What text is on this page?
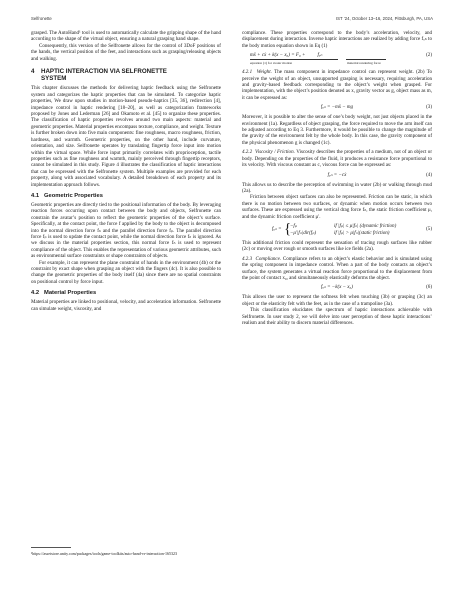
Selfronette	IST ’24, October 13–16, 2024, Pittsburgh, PA, USA

grasped. The AutoHand¹ tool is used to automatically calculate the gripping shape of the hand according to the shape of the virtual object, ensuring a natural grasping hand shape.

Consequently, this version of the Selfronette allows for the control of 3DoF positions of the hands, the vertical position of the feet, and interactions such as grasping/releasing objects and walking.

4 HAPTIC INTERACTION VIA SELFRONETTE
SYSTEM

This chapter discusses the methods for delivering haptic feedback using the Selfronette system and categorizes the haptic properties that can be simulated. To categorize haptic properties, We draw upon studies in motion-based pseudo-haptics [35, 36], redirection [4], impedance control in haptic rendering [18–20], as well as categorization frameworks proposed by Jones and Lederman [26] and Okamoto et al. [45] to organize these properties. The classification of haptic properties revolves around two main aspects: material and geometric properties. Material properties encompass texture, compliance, and weight. Texture is further broken down into five main components: fine roughness, macro roughness, friction, hardness, and warmth. Geometric properties, on the other hand, include curvature, orientation, and size. Selfronette operates by translating fingertip force input into motion within the virtual space. While force input primarily correlates with proprioception, tactile properties such as fine roughness and warmth, mainly perceived through fingertip receptors, cannot be simulated in this study. Figure 4 illustrates the classification of haptic interactions that can be expressed with the Selfronette system. Multiple examples are provided for each property, along with associated vocabulary. A detailed breakdown of each property and its implementation approach follows.

4.1 Geometric Properties

Geometric properties are directly tied to the positional information of the body. By leveraging reaction forces occurring upon contact between the body and objects, Selfronette can constrain the avatar’s position to reflect the geometric properties of the object’s surface. Specifically, at the contact point, the force f applied by the body to the object is decomposed into the normal direction force fₙ and the parallel direction force fₚ. The parallel direction force fₚ is used to update the contact point, while the normal direction force fₙ is ignored. As we discuss in the material properties section, this normal force fₙ is used to represent compliance of the object. This enables the representation of various geometric attributes, such as environmental surface constraints or shape constraints of objects.

For example, it can represent the plane constraint of hands in the environment (4b) or the constraint by exact shape when grasping an object with the fingers (4c). It is also possible to change the geometric properties of the body itself (4a) since there are no spatial constraints on positional control by force input.

4.2 Material Properties

Material properties are linked to positional, velocity, and acceleration information. Selfronette can simulate weight, viscosity, and

¹https://assetstore.unity.com/packages/tools/game-toolkits/auto-hand-vr-interaction-165323

compliance. These properties correspond to the body’s acceleration, velocity, and displacement during interaction. Inverse haptic interactions are realized by adding force fₒₙ to the body motion equation shown in Eq (1)

mẍ + cẋ + k(x − x₀) = F₀ + fₒₙ
equation (1) for avatar motion	material rendering force
(2)

4.2.1 Weight. The mass component in impedance control can represent weight. (2b) To perceive the weight of an object, unsupported grasping is necessary, requiring acceleration and gravity-based feedback corresponding to the object’s weight when grasped. For implementation, with the object’s position denoted as x, gravity vector as g, object mass as m, it can be expressed as:

fₒₙ = −mẍ − mg	(3)

Moreover, it is possible to alter the sense of one’s body weight, not just objects placed in the environment (1a). Regardless of object grasping, the force required to move the arm itself can be adjusted according to Eq 3. Furthermore, it would be possible to change the magnitude of the gravity of the environment felt by the whole body. In this case, the gravity component of the physical phenomenon g is changed (1c).

4.2.2 Viscosity / Friction. Viscosity describes the properties of a medium, not of an object or body. Depending on the properties of the fluid, it produces a resistance force proportional to its velocity. With viscous constant as c, viscous force can be expressed as:

fₒₙ = −cẋ	(4)

This allows us to describe the perception of swimming in water (2b) or walking through mud (2a).

Friction between object surfaces can also be represented. Friction can be static, in which there is no motion between two surfaces, or dynamic when motion occurs between two surfaces. These are expressed using the vertical drag force fₙ, the static friction coefficient μ, and the dynamic friction coefficient μ′.

fₒₙ = {
−fₚ
−μ′|fₙ|dir(fₚ)
if |fₚ| ≤ μ|fₙ| (dynamic friction)
if |fₚ| > μ|fₙ|(static friction)
(5)

This additional friction could represent the sensation of tracing rough surfaces like rubber (2c) or moving over rough or smooth surfaces like ice fields (2a).

4.2.3 Compliance. Compliance refers to an object’s elastic behavior and is simulated using the spring component in impedance control. When a part of the body contacts an object’s surface, the system generates a virtual reaction force proportional to the displacement from the point of contact x₀, and simultaneously elastically deforms the object.

fₒₙ = −k(x − x₀)	(6)

This allows the user to represent the softness felt when touching (3b) or grasping (3c) an object or the elasticity felt with the feet, as in the case of a trampoline (3a).

This classification elucidates the spectrum of haptic interactions achievable with Selfronette. In user study 2, we will delve into user perception of these haptic interactions’ realism and their ability to discern material differences.
